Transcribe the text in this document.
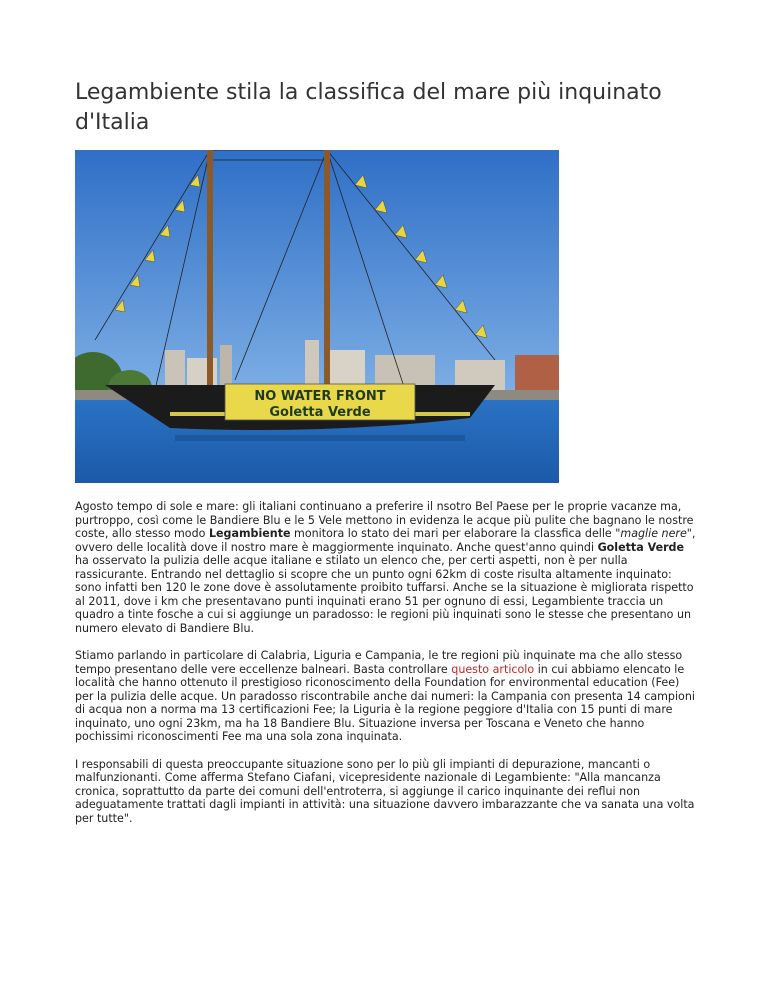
Legambiente stila la classifica del mare più inquinato d'Italia
NO WATER FRONT
Goletta Verde

Agosto tempo di sole e mare: gli italiani continuano a preferire il nsotro Bel Paese per le proprie vacanze ma, purtroppo, così come le Bandiere Blu e le 5 Vele mettono in evidenza le acque più pulite che bagnano le nostre coste, allo stesso modo Legambiente monitora lo stato dei mari per elaborare la classfica delle "maglie nere", ovvero delle località dove il nostro mare è maggiormente inquinato. Anche quest'anno quindi Goletta Verde ha osservato la pulizia delle acque italiane e stilato un elenco che, per certi aspetti, non è per nulla rassicurante. Entrando nel dettaglio si scopre che un punto ogni 62km di coste risulta altamente inquinato: sono infatti ben 120 le zone dove è assolutamente proibito tuffarsi. Anche se la situazione è migliorata rispetto al 2011, dove i km che presentavano punti inquinati erano 51 per ognuno di essi, Legambiente traccia un quadro a tinte fosche a cui si aggiunge un paradosso: le regioni più inquinati sono le stesse che presentano un numero elevato di Bandiere Blu.

Stiamo parlando in particolare di Calabria, Liguria e Campania, le tre regioni più inquinate ma che allo stesso tempo presentano delle vere eccellenze balneari. Basta controllare questo articolo in cui abbiamo elencato le località che hanno ottenuto il prestigioso riconoscimento della Foundation for environmental education (Fee) per la pulizia delle acque. Un paradosso riscontrabile anche dai numeri: la Campania con presenta 14 campioni di acqua non a norma ma 13 certificazioni Fee; la Liguria è la regione peggiore d'Italia con 15 punti di mare inquinato, uno ogni 23km, ma ha 18 Bandiere Blu. Situazione inversa per Toscana e Veneto che hanno pochissimi riconoscimenti Fee ma una sola zona inquinata.

I responsabili di questa preoccupante situazione sono per lo più gli impianti di depurazione, mancanti o malfunzionanti. Come afferma Stefano Ciafani, vicepresidente nazionale di Legambiente: "Alla mancanza cronica, soprattutto da parte dei comuni dell'entroterra, si aggiunge il carico inquinante dei reflui non adeguatamente trattati dagli impianti in attività: una situazione davvero imbarazzante che va sanata una volta per tutte".
